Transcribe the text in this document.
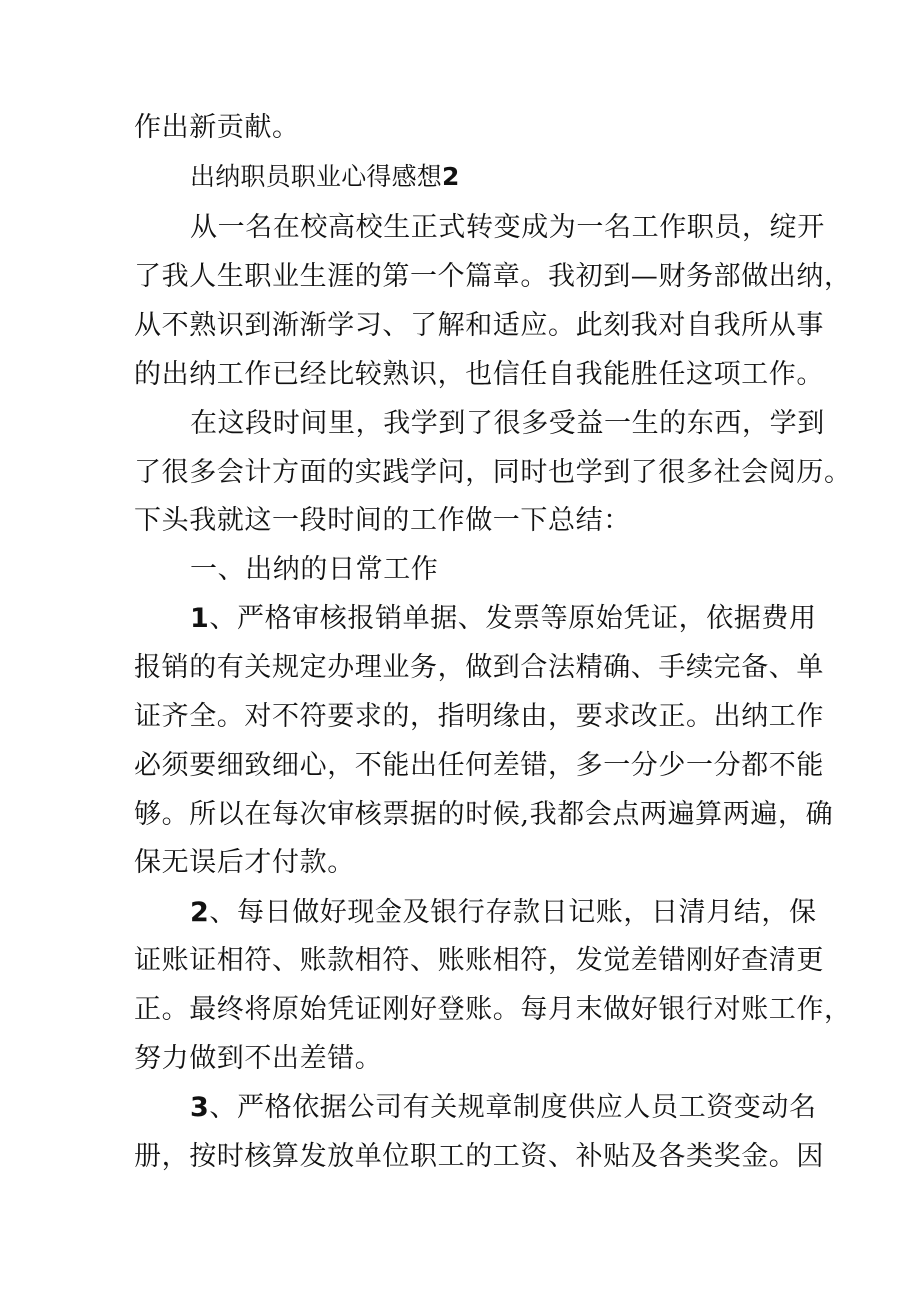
作出新贡献。
出纳职员职业心得感想2
从一名在校高校生正式转变成为一名工作职员，绽开
了我人生职业生涯的第一个篇章。我初到—财务部做出纳，
从不熟识到渐渐学习、了解和适应。此刻我对自我所从事
的出纳工作已经比较熟识，也信任自我能胜任这项工作。
在这段时间里，我学到了很多受益一生的东西，学到
了很多会计方面的实践学问，同时也学到了很多社会阅历。
下头我就这一段时间的工作做一下总结：
一、出纳的日常工作
1、严格审核报销单据、发票等原始凭证，依据费用
报销的有关规定办理业务，做到合法精确、手续完备、单
证齐全。对不符要求的，指明缘由，要求改正。出纳工作
必须要细致细心，不能出任何差错，多一分少一分都不能
够。所以在每次审核票据的时候,我都会点两遍算两遍，确
保无误后才付款。
2、每日做好现金及银行存款日记账，日清月结，保
证账证相符、账款相符、账账相符，发觉差错刚好查清更
正。最终将原始凭证刚好登账。每月末做好银行对账工作，
努力做到不出差错。
3、严格依据公司有关规章制度供应人员工资变动名
册，按时核算发放单位职工的工资、补贴及各类奖金。因
